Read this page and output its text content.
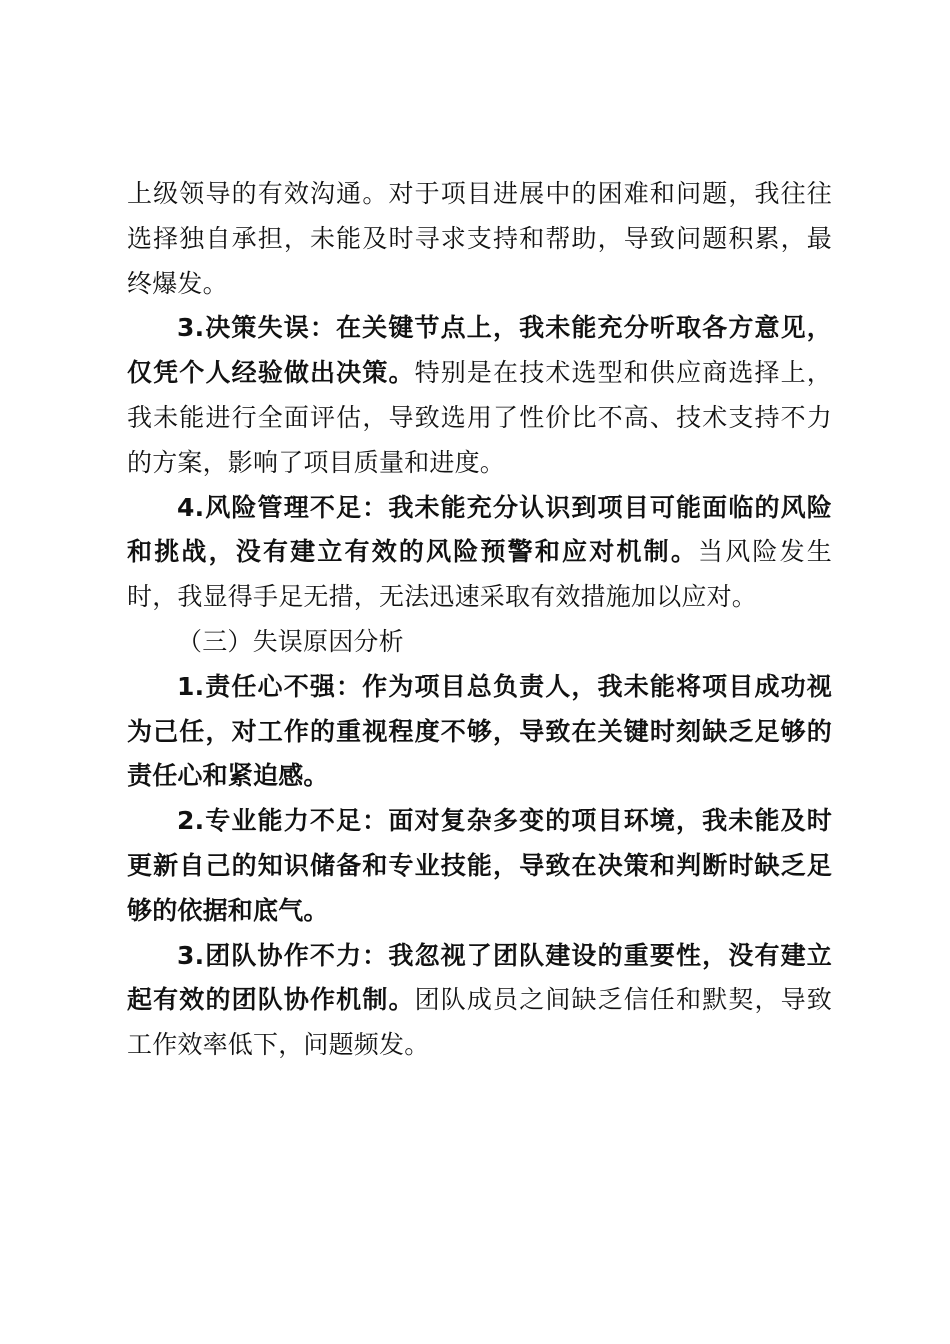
上级领导的有效沟通。对于项目进展中的困难和问题，我往往选择独自承担，未能及时寻求支持和帮助，导致问题积累，最终爆发。

3.决策失误：在关键节点上，我未能充分听取各方意见，仅凭个人经验做出决策。特别是在技术选型和供应商选择上，我未能进行全面评估，导致选用了性价比不高、技术支持不力的方案，影响了项目质量和进度。

4.风险管理不足：我未能充分认识到项目可能面临的风险和挑战，没有建立有效的风险预警和应对机制。当风险发生时，我显得手足无措，无法迅速采取有效措施加以应对。

（三）失误原因分析

1.责任心不强：作为项目总负责人，我未能将项目成功视为己任，对工作的重视程度不够，导致在关键时刻缺乏足够的责任心和紧迫感。

2.专业能力不足：面对复杂多变的项目环境，我未能及时更新自己的知识储备和专业技能，导致在决策和判断时缺乏足够的依据和底气。

3.团队协作不力：我忽视了团队建设的重要性，没有建立起有效的团队协作机制。团队成员之间缺乏信任和默契，导致工作效率低下，问题频发。
